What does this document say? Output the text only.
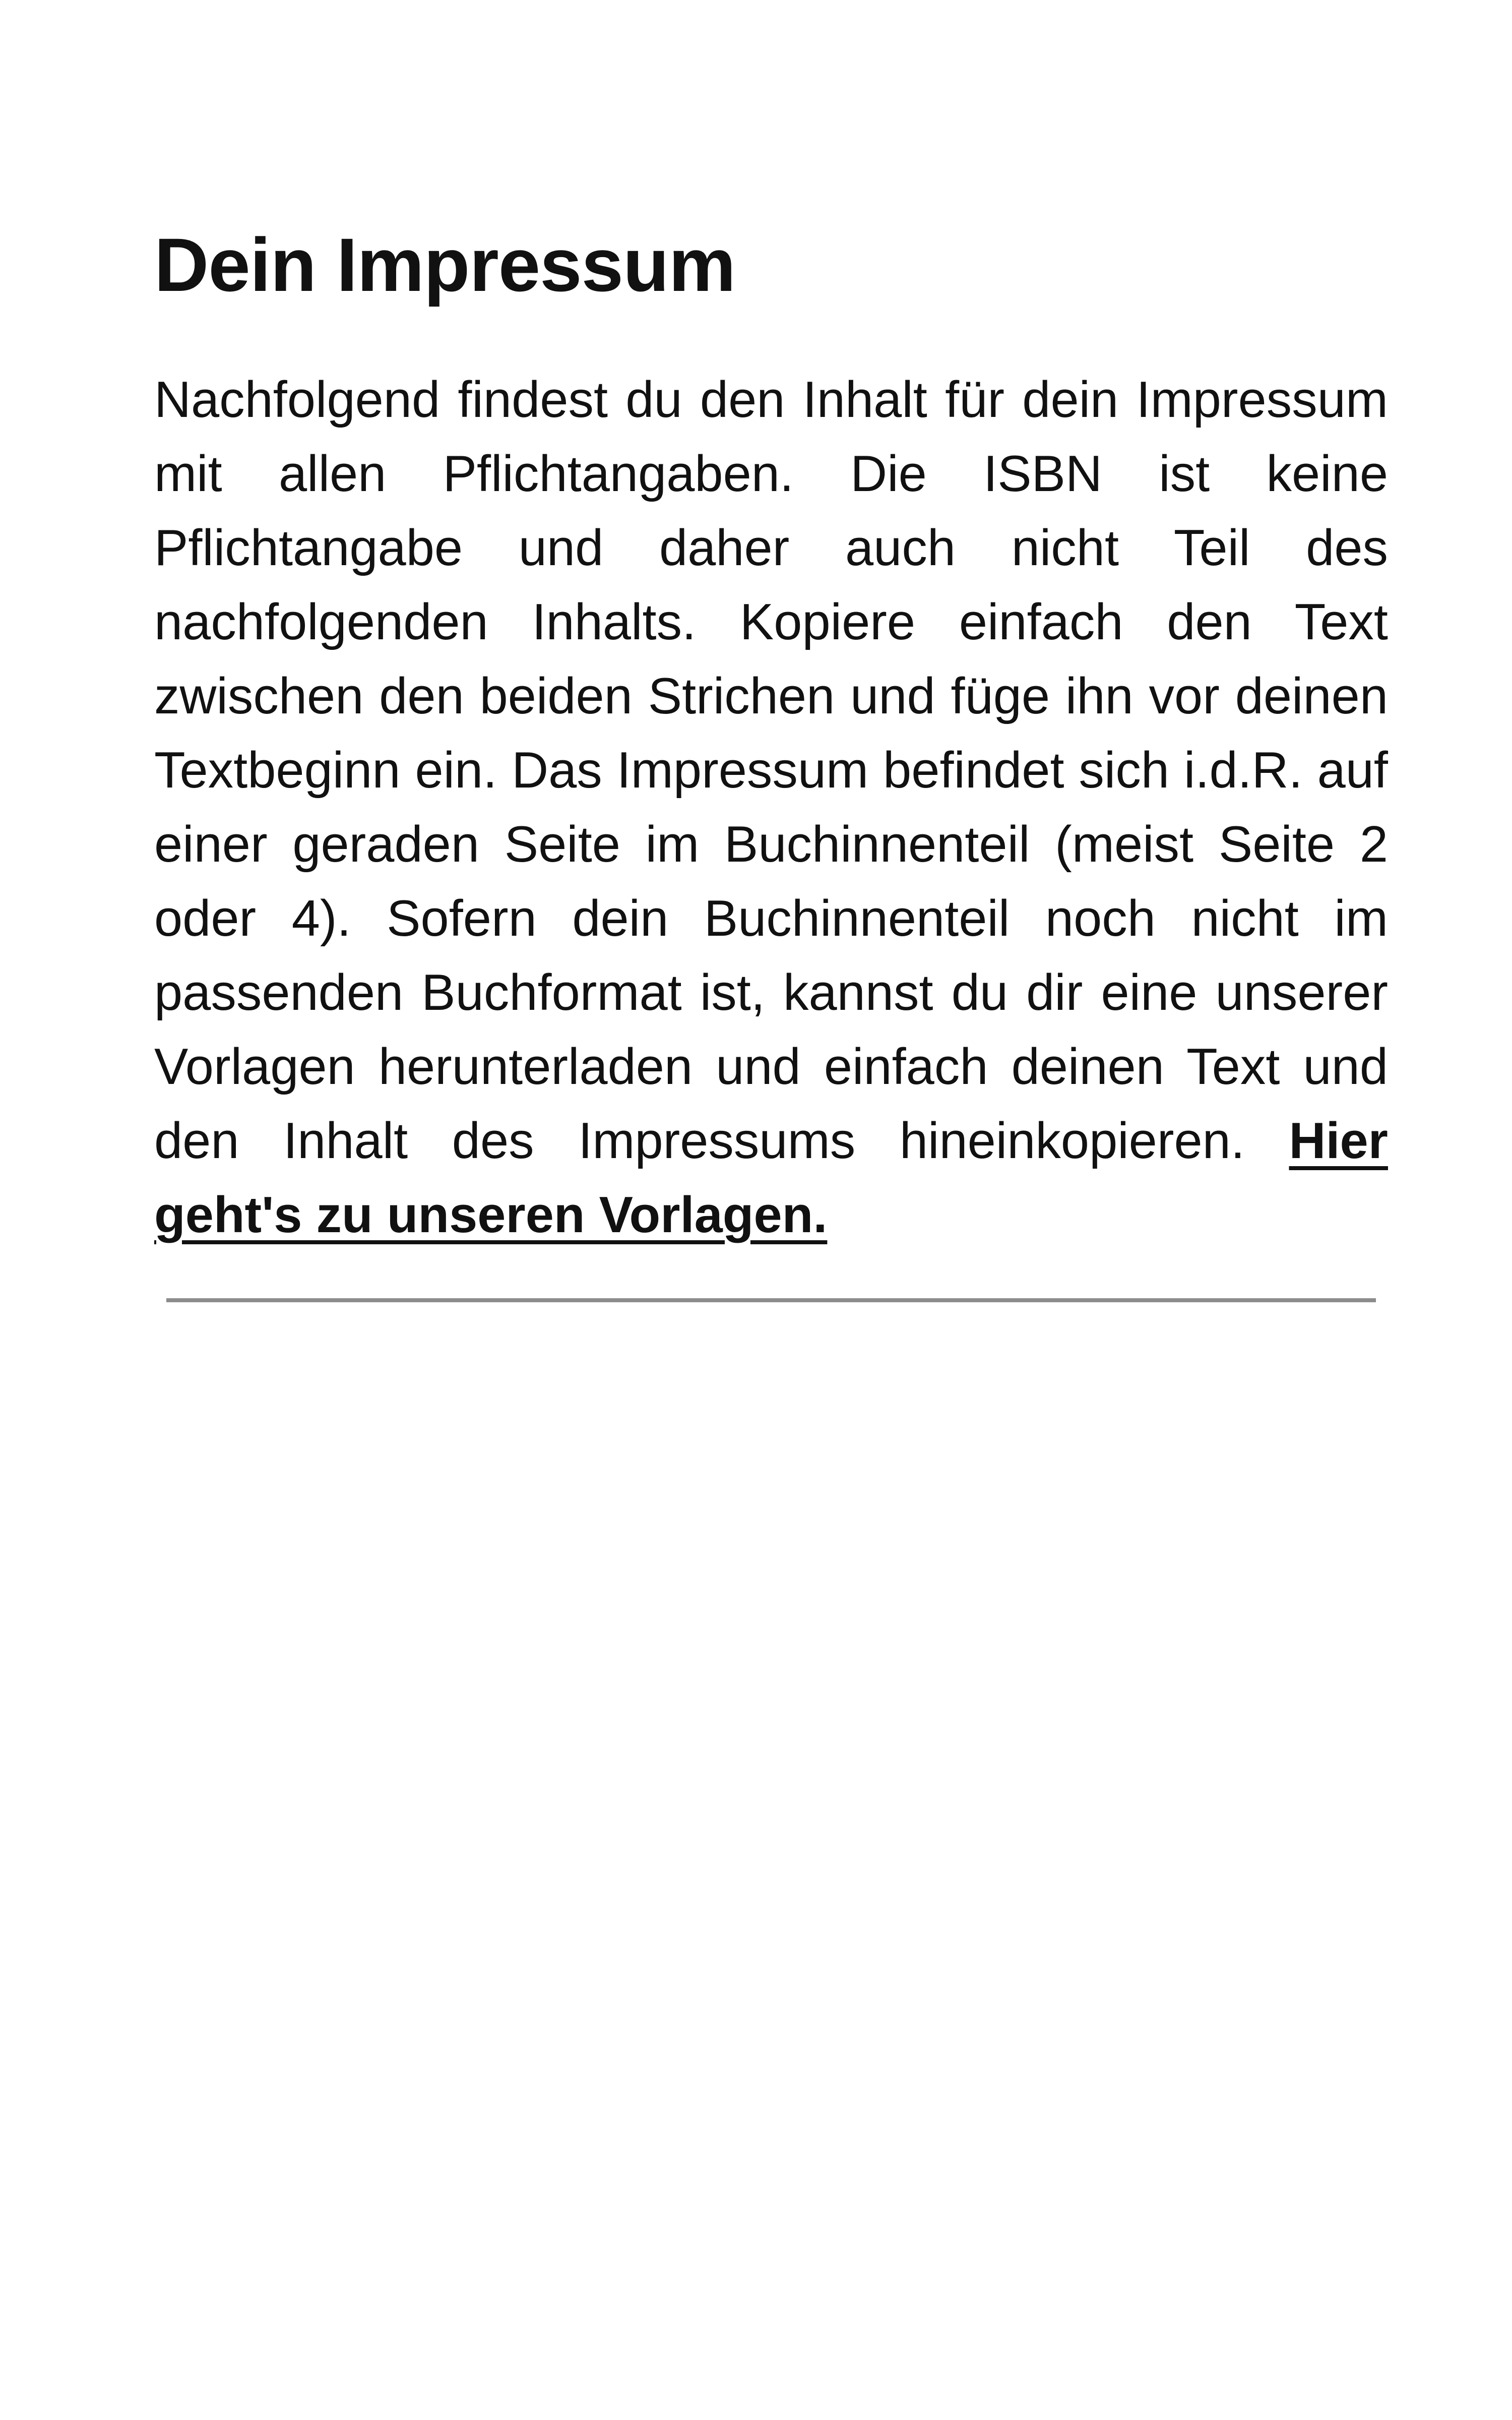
Dein Impressum

Nachfolgend findest du den Inhalt für dein Impressum mit allen Pflichtangaben. Die ISBN ist keine Pflichtangabe und daher auch nicht Teil des nachfolgenden Inhalts. Kopiere einfach den Text zwischen den beiden Strichen und füge ihn vor deinen Textbeginn ein. Das Impressum befindet sich i.d.R. auf einer geraden Seite im Buchinnenteil (meist Seite 2 oder 4). Sofern dein Buchinnenteil noch nicht im passenden Buchformat ist, kannst du dir eine unserer Vorlagen herunterladen und einfach deinen Text und den Inhalt des Impressums hineinkopieren. Hier geht's zu unseren Vorlagen.
